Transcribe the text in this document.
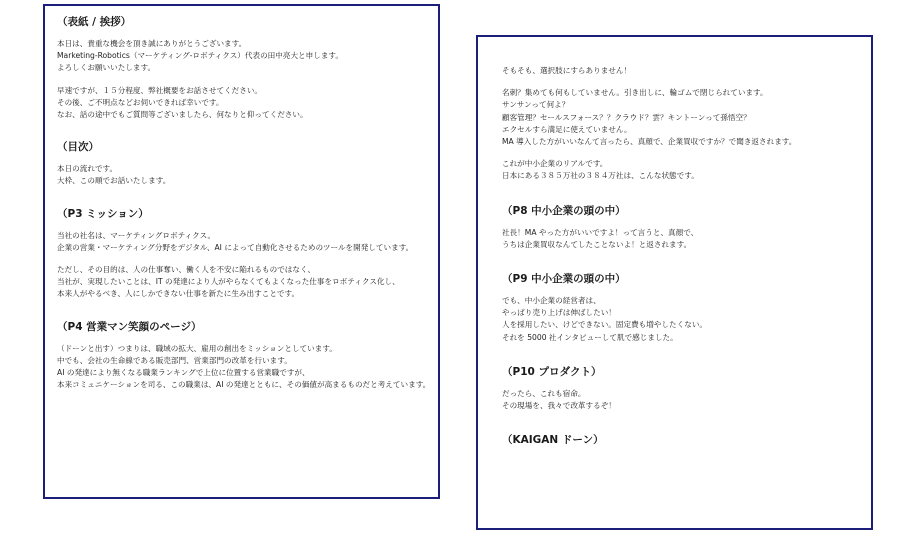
（表紙 / 挨拶）
本日は、貴重な機会を頂き誠にありがとうございます。
Marketing-Robotics（マーケティング-ロボティクス）代表の田中亮大と申します。
よろしくお願いいたします。
早速ですが、１５分程度、弊社概要をお話させてください。
その後、ご不明点などお伺いできれば幸いです。
なお、話の途中でもご質問等ございましたら、何なりと仰ってください。
（目次）
本日の流れです。
大枠、この順でお話いたします。
（P3 ミッション）
当社の社名は、マーケティングロボティクス。
企業の営業・マーケティング分野をデジタル、AI によって自動化させるためのツールを開発しています。
ただし、その目的は、人の仕事奪い、働く人を不安に陥れるものではなく、
当社が、実現したいことは、IT の発達により人がやらなくてもよくなった仕事をロボティクス化し、
本来人がやるべき、人にしかできない仕事を新たに生み出すことです。
（P4 営業マン笑顔のページ）
（ドーンと出す）つまりは、職域の拡大、雇用の創出をミッションとしています。
中でも、会社の生命線である販売部門、営業部門の改革を行います。
AI の発達により無くなる職業ランキングで上位に位置する営業職ですが、
本来コミュニケーションを司る、この職業は、AI の発達とともに、その価値が高まるものだと考えています。
そもそも、選択肢にすらありません！
名刺？集めても何もしていません。引き出しに、輪ゴムで閉じられています。
サンサンって何よ？
顧客管理？セールスフォース？？クラウド？雲？キントーンって孫悟空？
エクセルすら満足に使えていません。
MA 導入した方がいいなんて言ったら、真顔で、企業買収ですか？で聞き返されます。
これが中小企業のリアルです。
日本にある３８５万社の３８４万社は、こんな状態です。
（P8 中小企業の頭の中）
社長！MA やった方がいいですよ！って言うと、真顔で、
うちは企業買収なんてしたことないよ！と返されます。
（P9 中小企業の頭の中）
でも、中小企業の経営者は、
やっぱり売り上げは伸ばしたい！
人を採用したい、けどできない。固定費も増やしたくない。
それを 5000 社インタビューして肌で感じました。
（P10 プロダクト）
だったら、これも宿命。
その現場を、我々で改革するぞ！
（KAIGAN ドーン）
